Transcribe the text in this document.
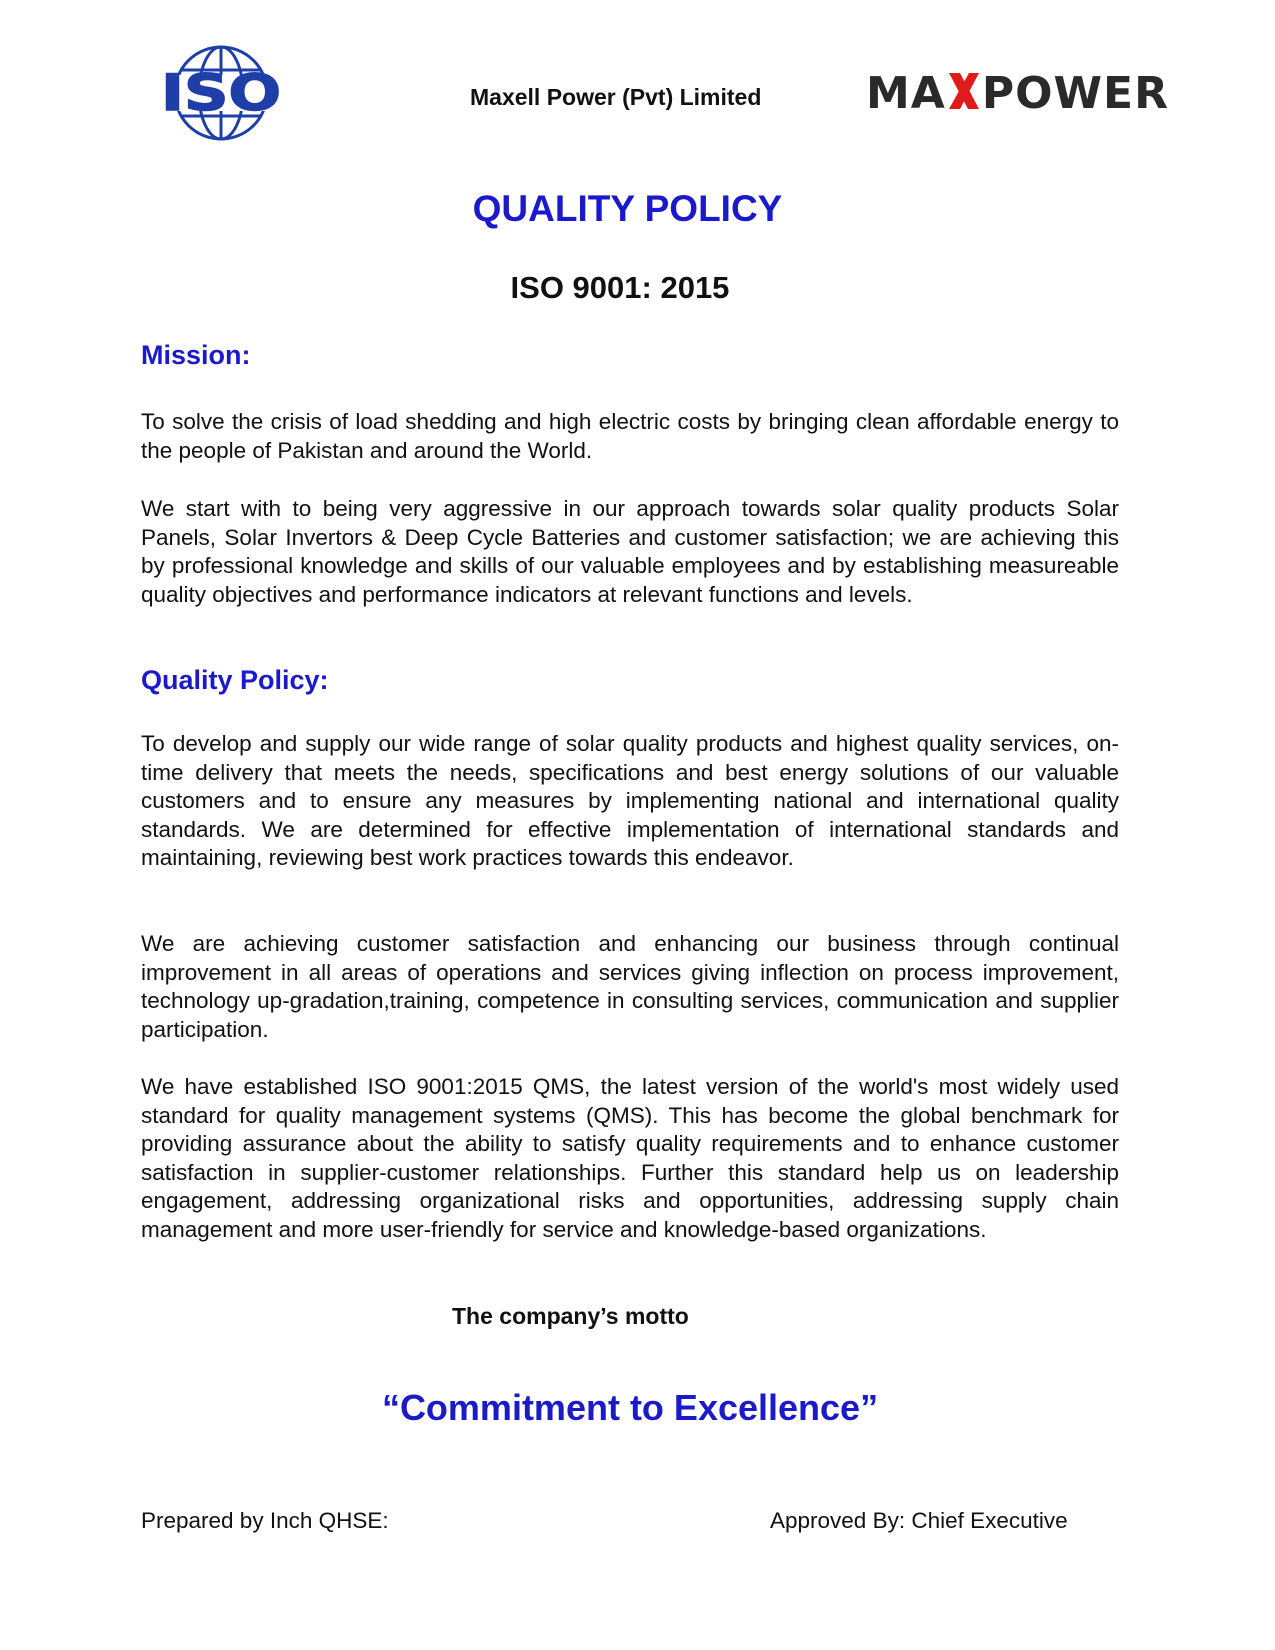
ISO	Maxell Power (Pvt) Limited MA POWER
QUALITY POLICY
ISO 9001: 2015
Mission:
To solve the crisis of load shedding and high electric costs by bringing clean affordable energy to the people of Pakistan and around the World.
We start with to being very aggressive in our approach towards solar quality products Solar Panels, Solar Invertors & Deep Cycle Batteries and customer satisfaction; we are achieving this by professional knowledge and skills of our valuable employees and by establishing measureable quality objectives and performance indicators at relevant functions and levels.
Quality Policy:
To develop and supply our wide range of solar quality products and highest quality services, on-time delivery that meets the needs, specifications and best energy solutions of our valuable customers and to ensure any measures by implementing national and international quality standards. We are determined for effective implementation of international standards and maintaining, reviewing best work practices towards this endeavor.
We are achieving customer satisfaction and enhancing our business through continual improvement in all areas of operations and services giving inflection on process improvement, technology up-gradation,training, competence in consulting services, communication and supplier participation.
We have established ISO 9001:2015 QMS, the latest version of the world's most widely used standard for quality management systems (QMS). This has become the global benchmark for providing assurance about the ability to satisfy quality requirements and to enhance customer satisfaction in supplier-customer relationships. Further this standard help us on leadership engagement, addressing organizational risks and opportunities, addressing supply chain management and more user-friendly for service and knowledge-based organizations.
The company’s motto
“Commitment to Excellence”
Prepared by Inch QHSE:	Approved By: Chief Executive
